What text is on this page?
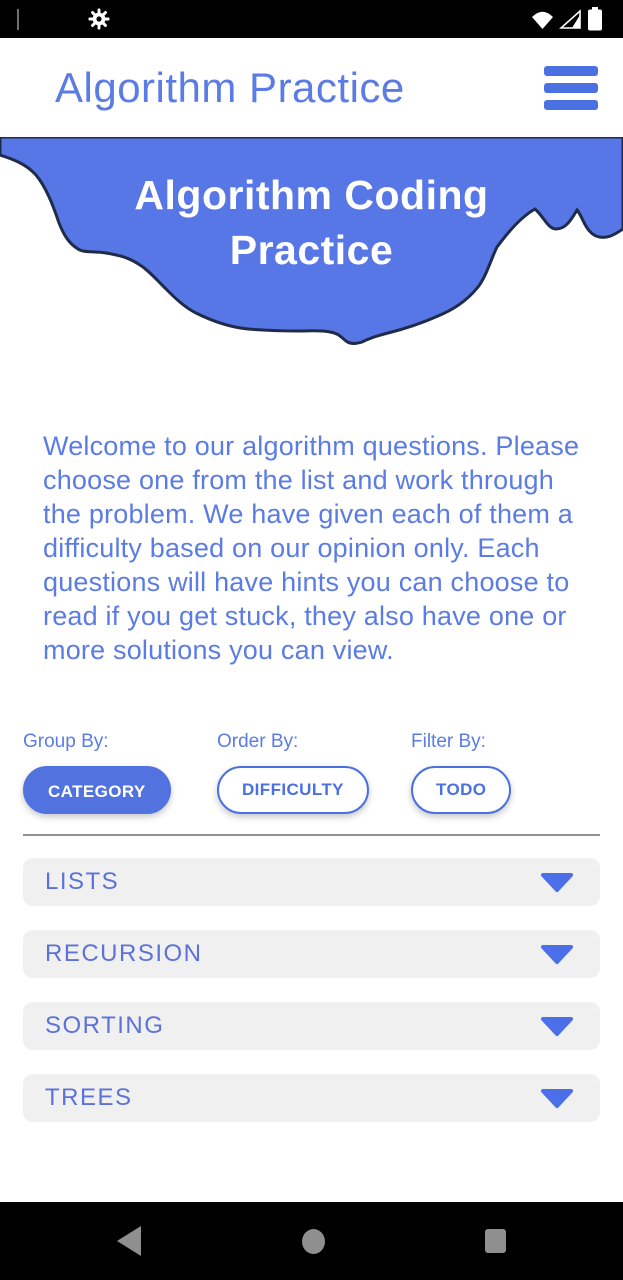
Algorithm Practice
Algorithm Coding
Practice

Welcome to our algorithm questions. Please choose one from the list and work through the problem. We have given each of them a difficulty based on our opinion only. Each questions will have hints you can choose to read if you get stuck, they also have one or more solutions you can view.

Group By:
CATEGORY
Order By:
DIFFICULTY
Filter By:
TODO
LISTS
RECURSION
SORTING
TREES
